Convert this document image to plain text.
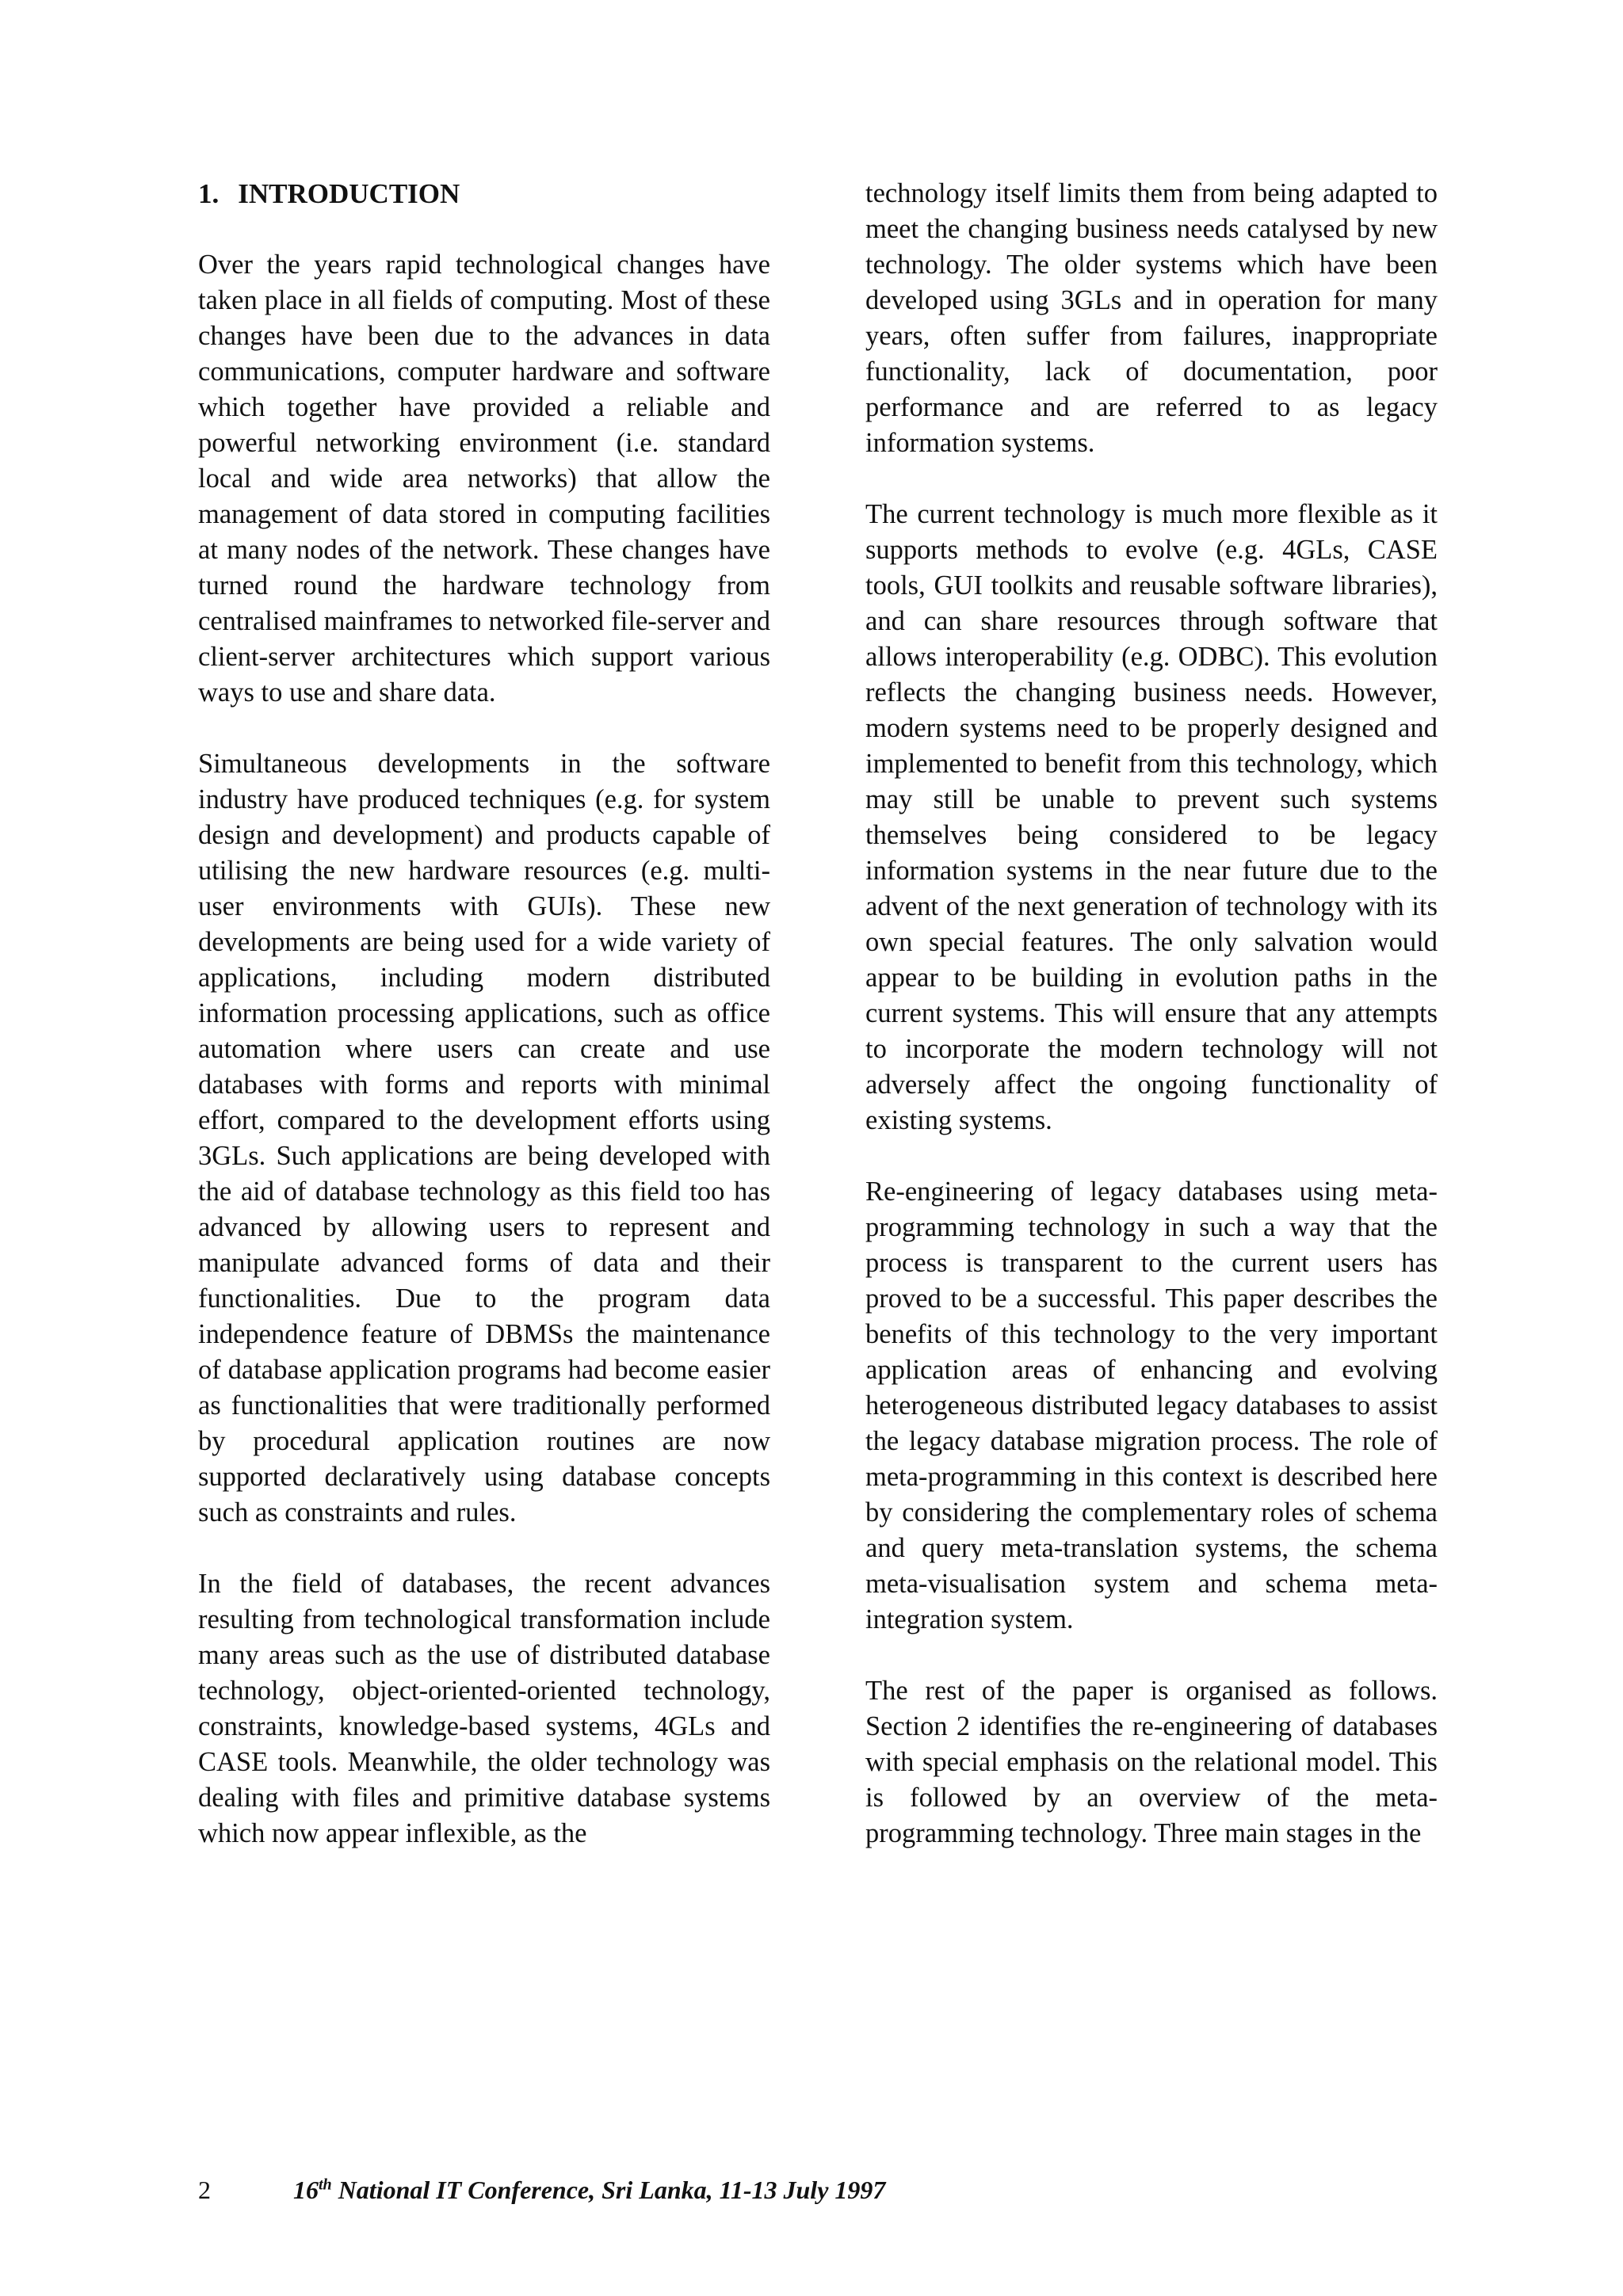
1. INTRODUCTION

Over the years rapid technological changes have taken place in all fields of computing. Most of these changes have been due to the advances in data communications, computer hardware and software which together have provided a reliable and powerful networking environment (i.e. standard local and wide area networks) that allow the management of data stored in computing facilities at many nodes of the network. These changes have turned round the hardware technology from centralised mainframes to networked file-server and client-server architectures which support various ways to use and share data.

Simultaneous developments in the software industry have produced techniques (e.g. for system design and development) and products capable of utilising the new hardware resources (e.g. multi-user environments with GUIs). These new developments are being used for a wide variety of applications, including modern distributed information processing applications, such as office automation where users can create and use databases with forms and reports with minimal effort, compared to the development efforts using 3GLs. Such applications are being developed with the aid of database technology as this field too has advanced by allowing users to represent and manipulate advanced forms of data and their functionalities. Due to the program data independence feature of DBMSs the maintenance of database application programs had become easier as functionalities that were traditionally performed by procedural application routines are now supported declaratively using database concepts such as constraints and rules.

In the field of databases, the recent advances resulting from technological transformation include many areas such as the use of distributed database technology, object-oriented-oriented technology, constraints, knowledge-based systems, 4GLs and CASE tools. Meanwhile, the older technology was dealing with files and primitive database systems which now appear inflexible, as the

technology itself limits them from being adapted to meet the changing business needs catalysed by new technology. The older systems which have been developed using 3GLs and in operation for many years, often suffer from failures, inappropriate functionality, lack of documentation, poor performance and are referred to as legacy information systems.

The current technology is much more flexible as it supports methods to evolve (e.g. 4GLs, CASE tools, GUI toolkits and reusable software libraries), and can share resources through software that allows interoperability (e.g. ODBC). This evolution reflects the changing business needs. However, modern systems need to be properly designed and implemented to benefit from this technology, which may still be unable to prevent such systems themselves being considered to be legacy information systems in the near future due to the advent of the next generation of technology with its own special features. The only salvation would appear to be building in evolution paths in the current systems. This will ensure that any attempts to incorporate the modern technology will not adversely affect the ongoing functionality of existing systems.

Re-engineering of legacy databases using meta-programming technology in such a way that the process is transparent to the current users has proved to be a successful. This paper describes the benefits of this technology to the very important application areas of enhancing and evolving heterogeneous distributed legacy databases to assist the legacy database migration process. The role of meta-programming in this context is described here by considering the complementary roles of schema and query meta-translation systems, the schema meta-visualisation system and schema meta-integration system.

The rest of the paper is organised as follows. Section 2 identifies the re-engineering of databases with special emphasis on the relational model. This is followed by an overview of the meta-programming technology. Three main stages in the

2	16th National IT Conference, Sri Lanka, 11-13 July 1997
